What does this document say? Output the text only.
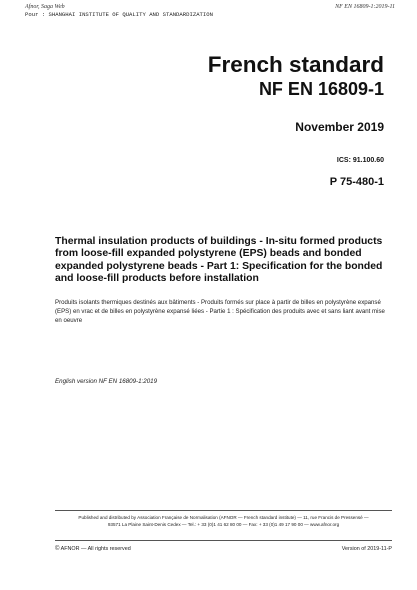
Afnor, Saga Web
Pour : SHANGHAI INSTITUTE OF QUALITY AND STANDARDIZATION
NF EN 16809-1:2019-11
French standard
NF EN 16809-1
November 2019
ICS: 91.100.60
P 75-480-1

Thermal insulation products of buildings - In-situ formed products from loose-fill expanded polystyrene (EPS) beads and bonded expanded polystyrene beads - Part 1: Specification for the bonded and loose-fill products before installation

Produits isolants thermiques destinés aux bâtiments - Produits formés sur place à partir de billes en polystyrène expansé (EPS) en vrac et de billes en polystyrène expansé liées - Partie 1 : Spécification des produits avec et sans liant avant mise en oeuvre

English version NF EN 16809-1:2019
Published and distributed by Association Française de Normalisation (AFNOR — French standard institute) — 11, rue Francis de Pressensé —
93571 La Plaine Saint-Denis Cedex — Tel.: + 33 (0)1 41 62 80 00 — Fax: + 33 (0)1 49 17 90 00 — www.afnor.org
© AFNOR — All rights reserved	Version of 2019-11-P
